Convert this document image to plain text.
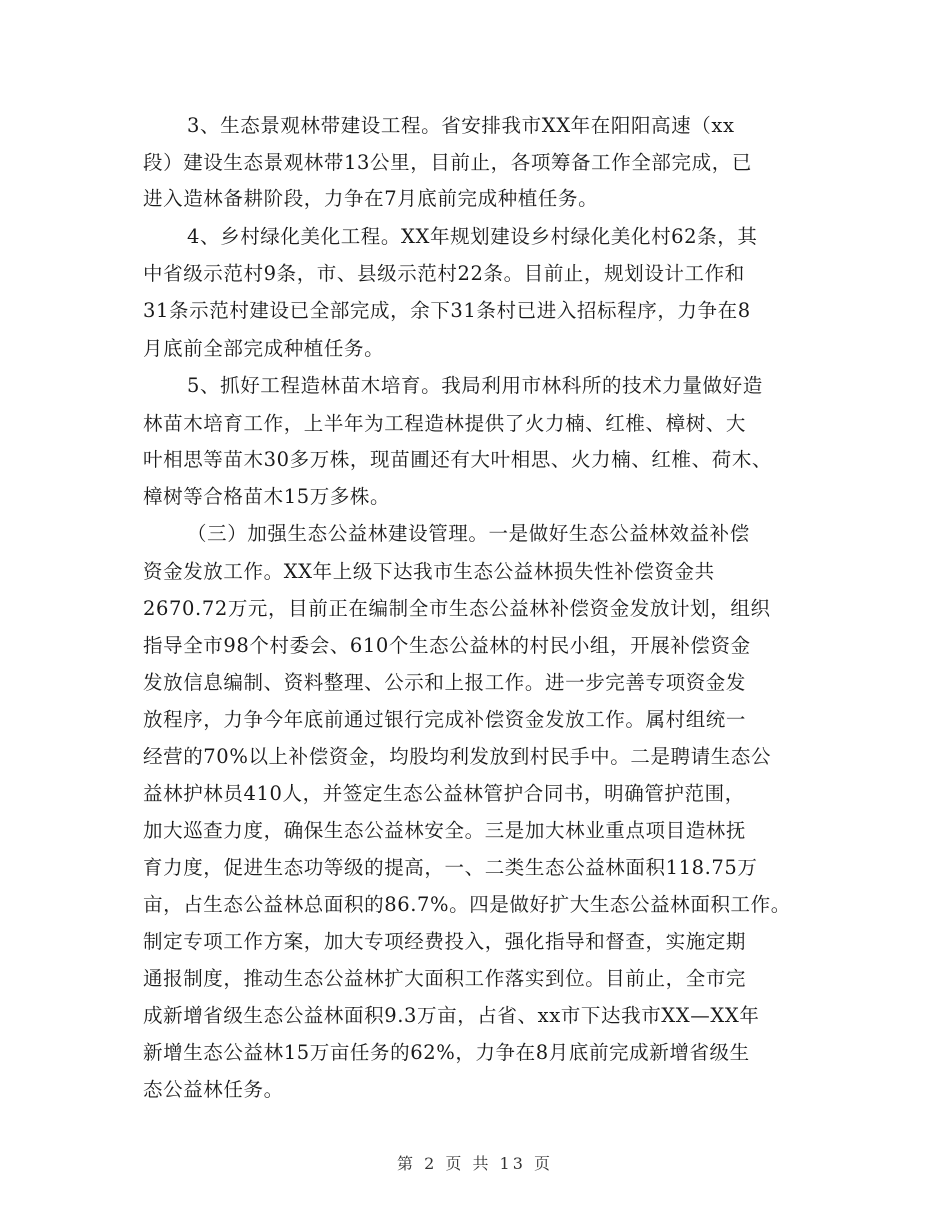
3、生态景观林带建设工程。省安排我市XX年在阳阳高速（xx
段）建设生态景观林带13公里，目前止，各项筹备工作全部完成，已
进入造林备耕阶段，力争在7月底前完成种植任务。
4、乡村绿化美化工程。XX年规划建设乡村绿化美化村62条，其
中省级示范村9条，市、县级示范村22条。目前止，规划设计工作和
31条示范村建设已全部完成，余下31条村已进入招标程序，力争在8
月底前全部完成种植任务。
5、抓好工程造林苗木培育。我局利用市林科所的技术力量做好造
林苗木培育工作，上半年为工程造林提供了火力楠、红椎、樟树、大
叶相思等苗木30多万株，现苗圃还有大叶相思、火力楠、红椎、荷木、
樟树等合格苗木15万多株。
（三）加强生态公益林建设管理。一是做好生态公益林效益补偿
资金发放工作。XX年上级下达我市生态公益林损失性补偿资金共
2670.72万元，目前正在编制全市生态公益林补偿资金发放计划，组织
指导全市98个村委会、610个生态公益林的村民小组，开展补偿资金
发放信息编制、资料整理、公示和上报工作。进一步完善专项资金发
放程序，力争今年底前通过银行完成补偿资金发放工作。属村组统一
经营的70%以上补偿资金，均股均利发放到村民手中。二是聘请生态公
益林护林员410人，并签定生态公益林管护合同书，明确管护范围，
加大巡查力度，确保生态公益林安全。三是加大林业重点项目造林抚
育力度，促进生态功等级的提高，一、二类生态公益林面积118.75万
亩，占生态公益林总面积的86.7%。四是做好扩大生态公益林面积工作。
制定专项工作方案，加大专项经费投入，强化指导和督查，实施定期
通报制度，推动生态公益林扩大面积工作落实到位。目前止，全市完
成新增省级生态公益林面积9.3万亩，占省、xx市下达我市XX—XX年
新增生态公益林15万亩任务的62%，力争在8月底前完成新增省级生
态公益林任务。
第 2 页 共 13 页
